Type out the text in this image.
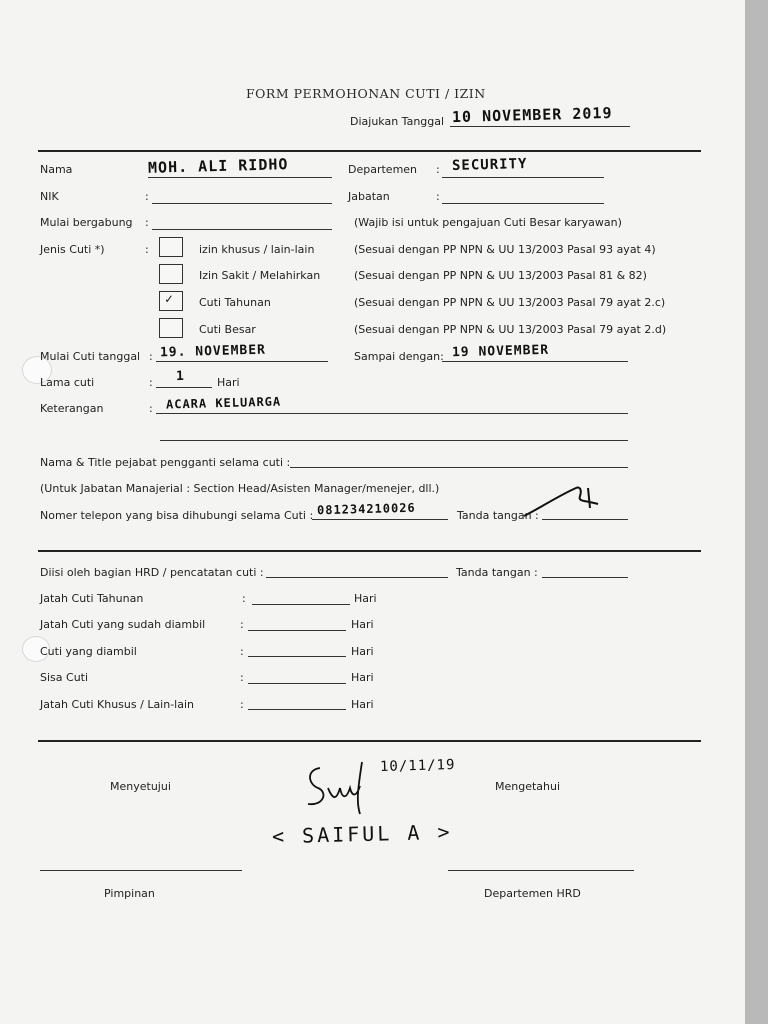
FORM PERMOHONAN CUTI / IZIN
Diajukan Tanggal 10 NOVEMBER 2019
Nama	MOH. ALI RIDHO	Departemen : SECURITY
NIK	:	Jabatan	:
Mulai bergabung :	(Wajib isi untuk pengajuan Cuti Besar karyawan)
Jenis Cuti *)	:	izin khusus / lain-lain	(Sesuai dengan PP NPN & UU 13/2003 Pasal 93 ayat 4)
Izin Sakit / Melahirkan	(Sesuai dengan PP NPN & UU 13/2003 Pasal 81 & 82)
✓ Cuti Tahunan	(Sesuai dengan PP NPN & UU 13/2003 Pasal 79 ayat 2.c)
Cuti Besar	(Sesuai dengan PP NPN & UU 13/2003 Pasal 79 ayat 2.d)
Mulai Cuti tanggal : 19. NOVEMBER	Sampai dengan: 19 NOVEMBER
Lama cuti	: 1	Hari
Keterangan	: ACARA KELUARGA
Nama & Title pejabat pengganti selama cuti :
(Untuk Jabatan Manajerial : Section Head/Asisten Manager/menejer, dll.)
Nomer telepon yang bisa dihubungi selama Cuti : 081234210026	Tanda tangan :
Diisi oleh bagian HRD / pencatatan cuti :	Tanda tangan :
Jatah Cuti Tahunan	:	Hari
Jatah Cuti yang sudah diambil	:	Hari
Cuti yang diambil	:	Hari
Sisa Cuti	:	Hari
Jatah Cuti Khusus / Lain-lain	:	Hari
Menyetujui	Mengetahui
10/11/19
< SAIFUL A >
Pimpinan	Departemen HRD
